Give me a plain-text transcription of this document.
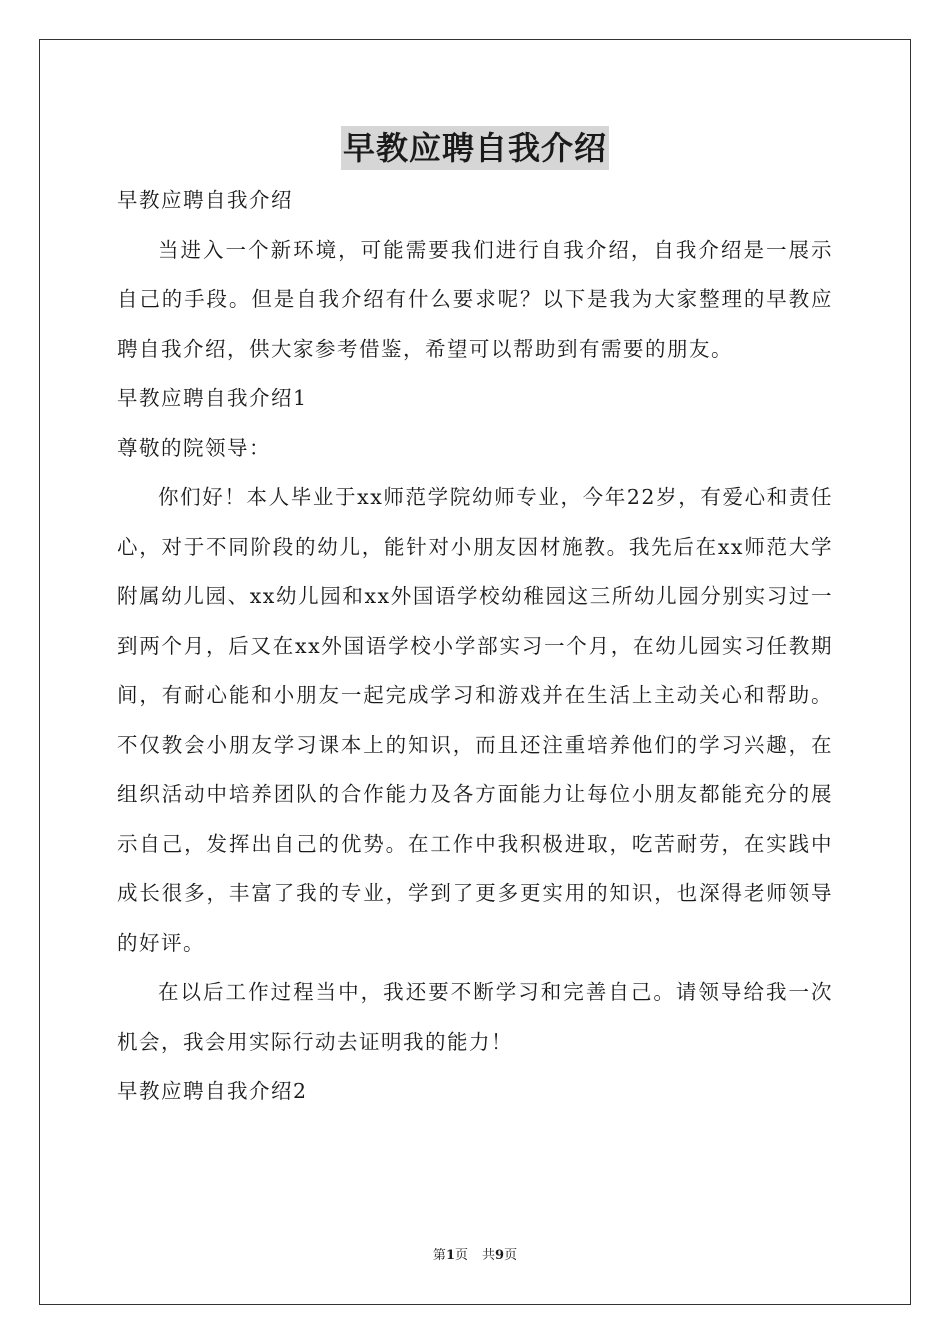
早教应聘自我介绍

早教应聘自我介绍

当进入一个新环境，可能需要我们进行自我介绍，自我介绍是一展示自己的手段。但是自我介绍有什么要求呢？以下是我为大家整理的早教应聘自我介绍，供大家参考借鉴，希望可以帮助到有需要的朋友。

早教应聘自我介绍1

尊敬的院领导：

你们好！本人毕业于xx师范学院幼师专业，今年22岁，有爱心和责任心，对于不同阶段的幼儿，能针对小朋友因材施教。我先后在xx师范大学附属幼儿园、xx幼儿园和xx外国语学校幼稚园这三所幼儿园分别实习过一到两个月，后又在xx外国语学校小学部实习一个月，在幼儿园实习任教期间，有耐心能和小朋友一起完成学习和游戏并在生活上主动关心和帮助。不仅教会小朋友学习课本上的知识，而且还注重培养他们的学习兴趣，在组织活动中培养团队的合作能力及各方面能力让每位小朋友都能充分的展示自己，发挥出自己的优势。在工作中我积极进取，吃苦耐劳，在实践中成长很多，丰富了我的专业，学到了更多更实用的知识，也深得老师领导的好评。

在以后工作过程当中，我还要不断学习和完善自己。请领导给我一次机会，我会用实际行动去证明我的能力！

早教应聘自我介绍2

第1页 共9页
